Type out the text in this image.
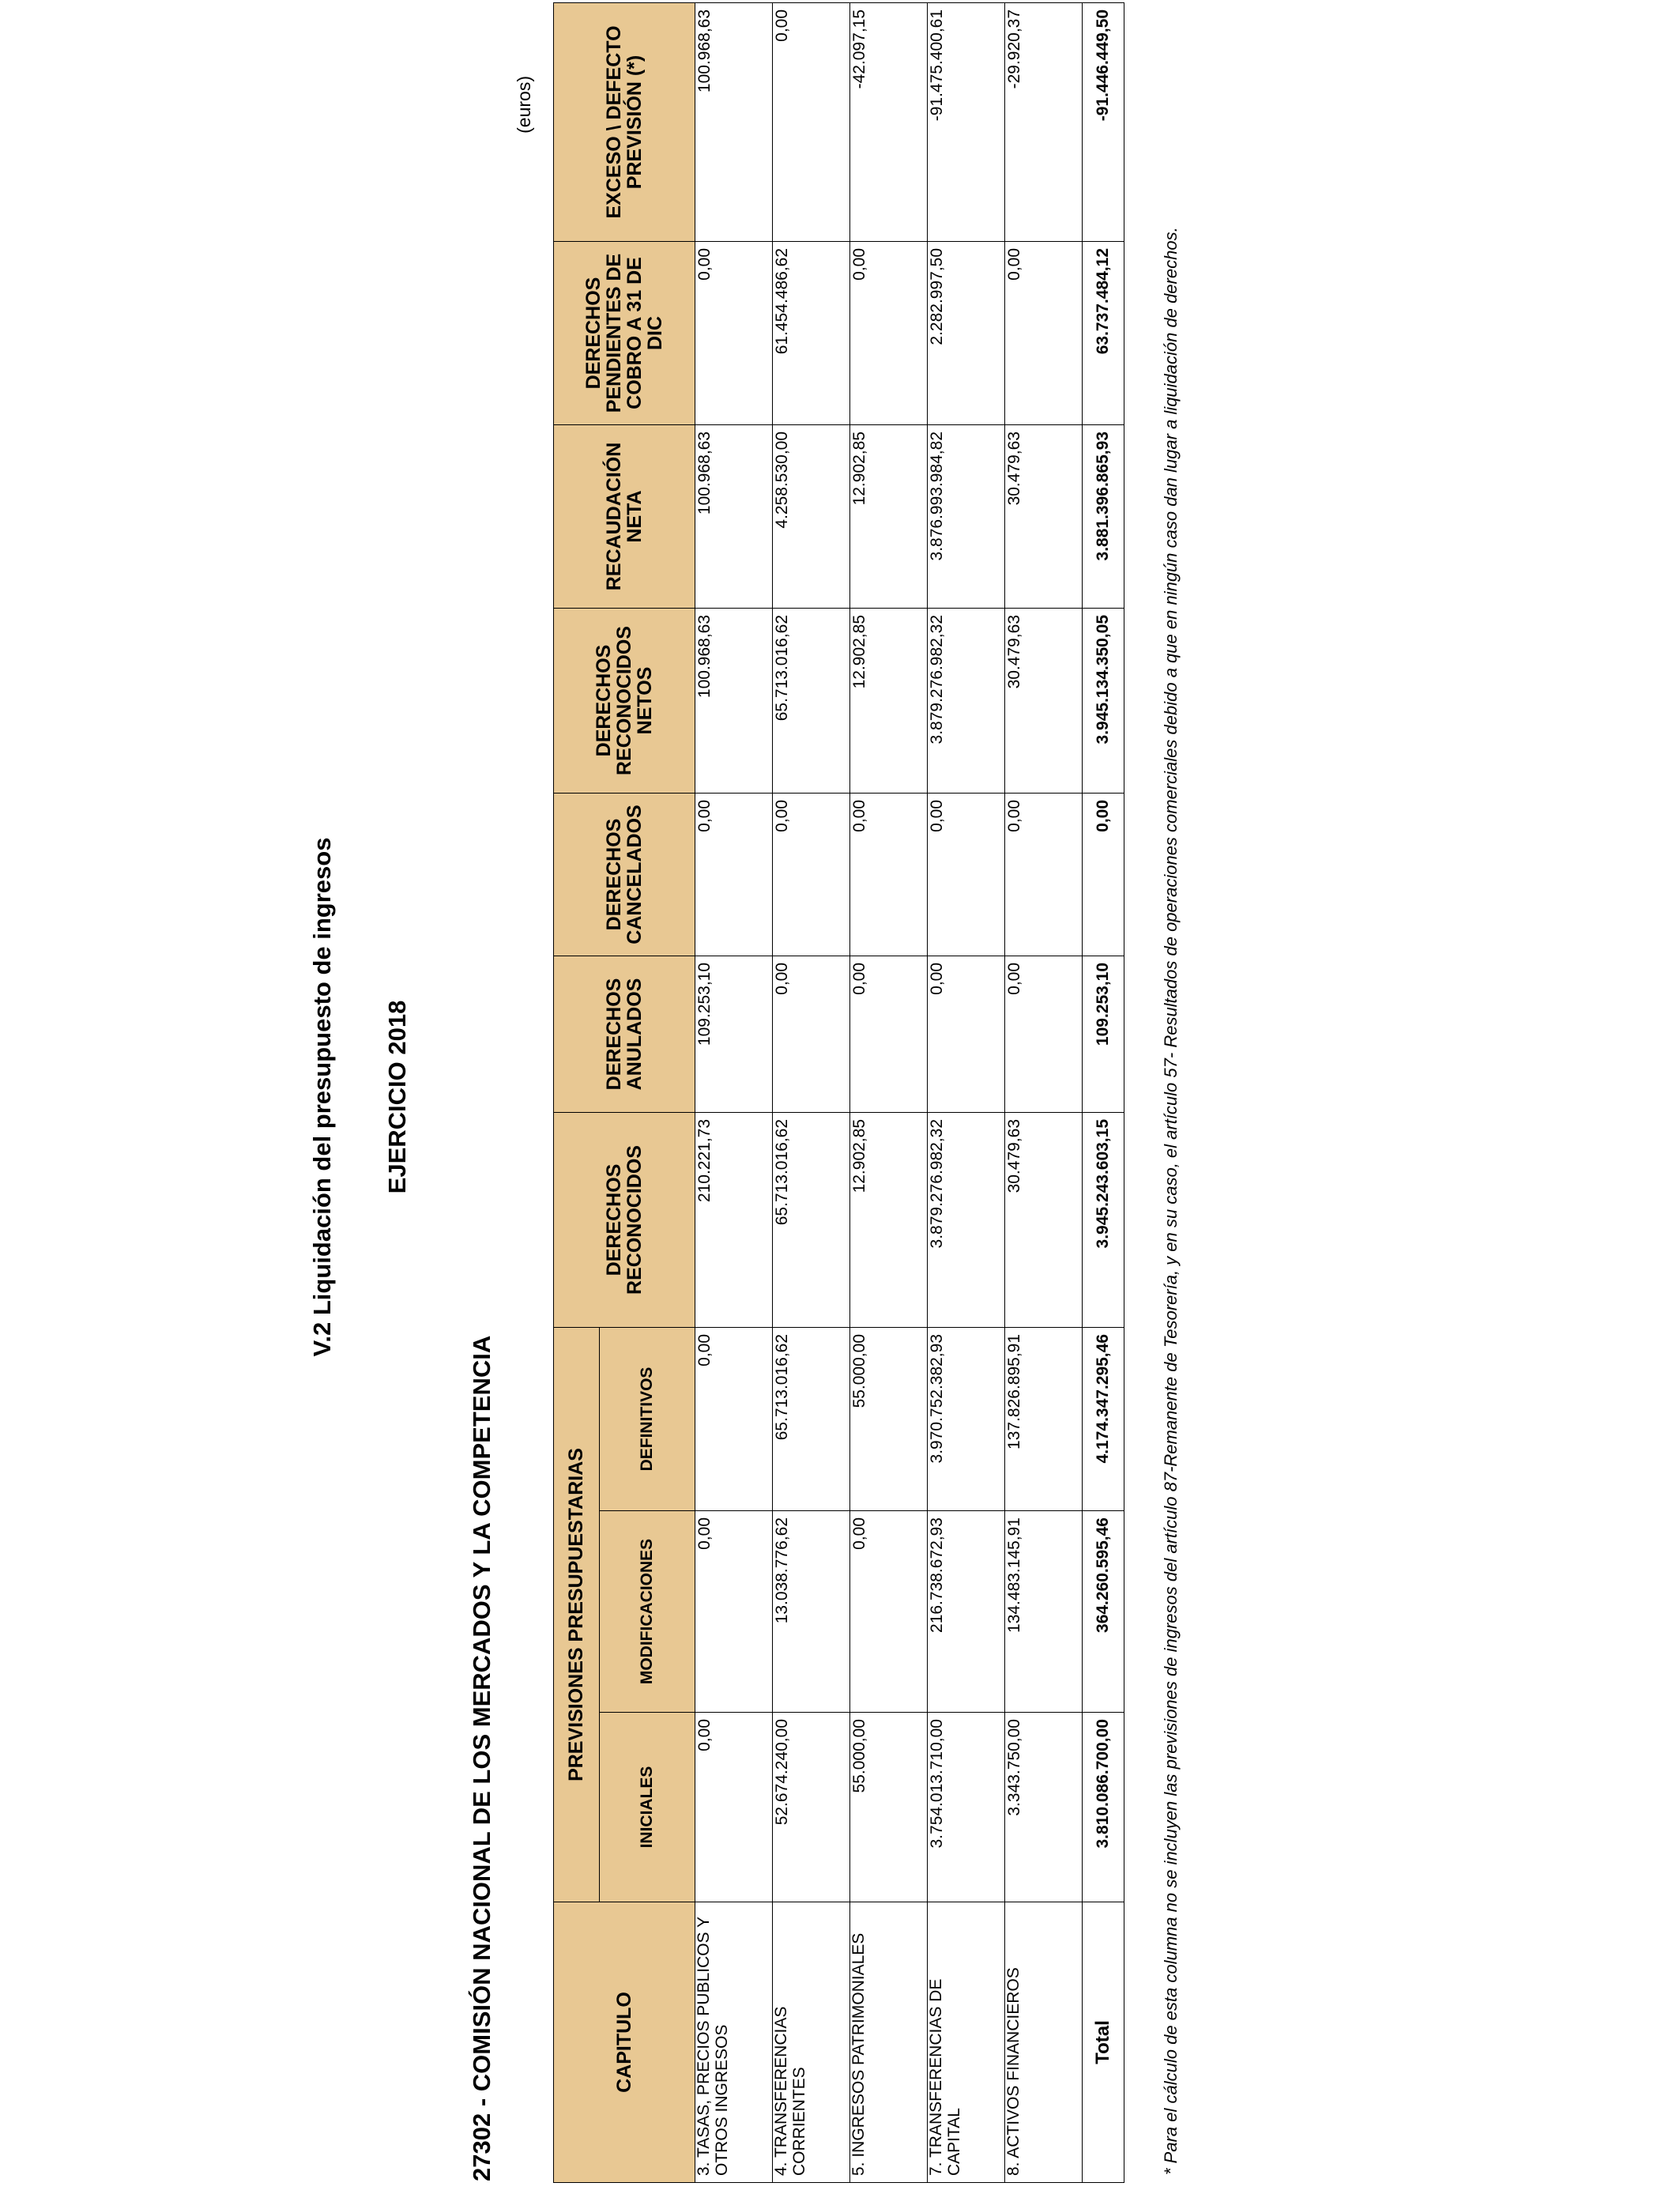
V.2 Liquidación del presupuesto de ingresos EJERCICIO 2018
27302 - COMISIÓN NACIONAL DE LOS MERCADOS Y LA COMPETENCIA
(euros)
CAPITULO	PREVISIONES PRESUPUESTARIAS			DERECHOS RECONOCIDOS	DERECHOS ANULADOS	DERECHOS CANCELADOS	DERECHOS RECONOCIDOS NETOS	RECAUDACIÓN NETA	DERECHOS PENDIENTES DE COBRO A 31 DE DIC	EXCESO \ DEFECTO PREVISIÓN (*)
	INICIALES	MODIFICACIONES	DEFINITIVOS							
3. TASAS, PRECIOS PUBLICOS Y OTROS INGRESOS	0,00	0,00	0,00	210.221,73	109.253,10	0,00	100.968,63	100.968,63	0,00	100.968,63
4. TRANSFERENCIAS CORRIENTES	52.674.240,00	13.038.776,62	65.713.016,62	65.713.016,62	0,00	0,00	65.713.016,62	4.258.530,00	61.454.486,62	0,00
5. INGRESOS PATRIMONIALES	55.000,00	0,00	55.000,00	12.902,85	0,00	0,00	12.902,85	12.902,85	0,00	-42.097,15
7. TRANSFERENCIAS DE CAPITAL	3.754.013.710,00	216.738.672,93	3.970.752.382,93	3.879.276.982,32	0,00	0,00	3.879.276.982,32	3.876.993.984,82	2.282.997,50	-91.475.400,61
8. ACTIVOS FINANCIEROS	3.343.750,00	134.483.145,91	137.826.895,91	30.479,63	0,00	0,00	30.479,63	30.479,63	0,00	-29.920,37
Total	3.810.086.700,00	364.260.595,46	4.174.347.295,46	3.945.243.603,15	109.253,10	0,00	3.945.134.350,05	3.881.396.865,93	63.737.484,12	-91.446.449,50
* Para el cálculo de esta columna no se incluyen las previsiones de ingresos del artículo 87-Remanente de Tesorería, y en su caso, el artículo 57- Resultados de operaciones comerciales debido a que en ningún caso dan lugar a liquidación de derechos.
